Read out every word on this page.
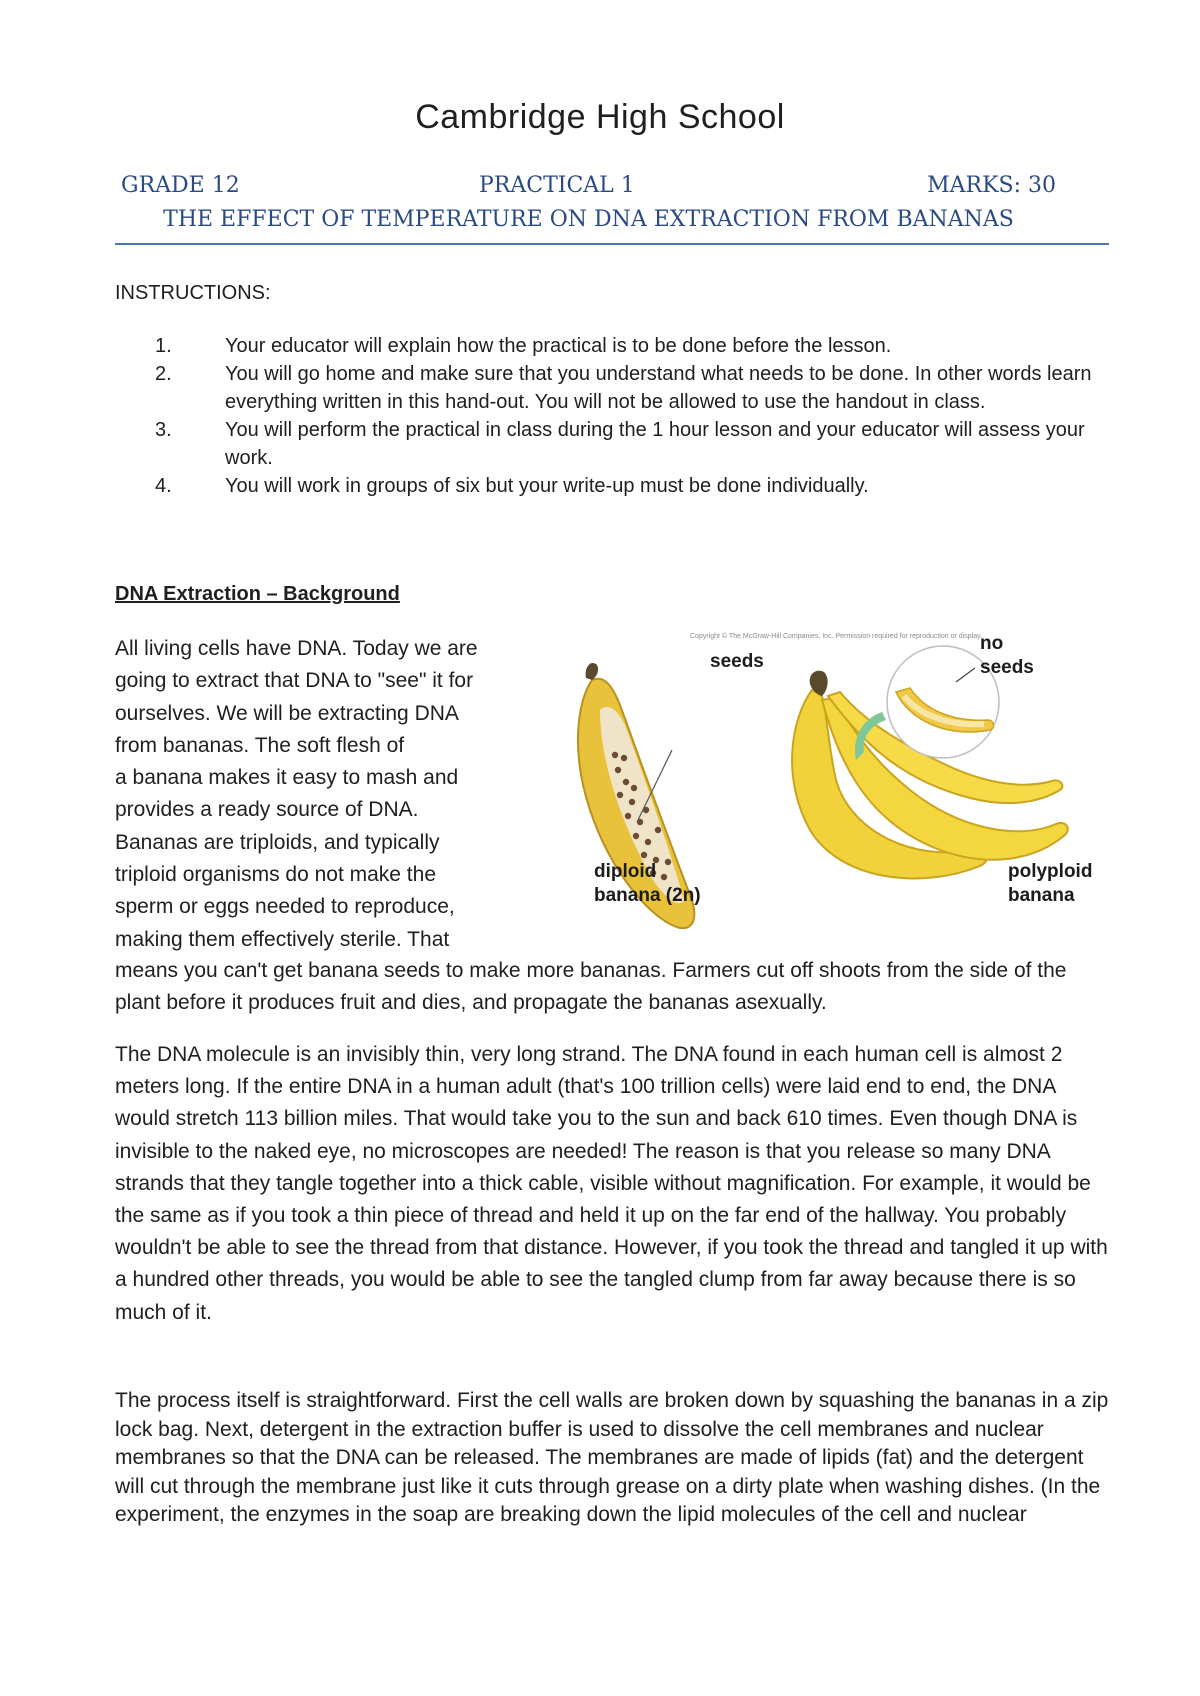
Cambridge High School
GRADE 12	PRACTICAL 1	MARKS: 30
THE EFFECT OF TEMPERATURE ON DNA EXTRACTION FROM BANANAS
INSTRUCTIONS:
1.	Your educator will explain how the practical is to be done before the lesson.
2.	You will go home and make sure that you understand what needs to be done. In other words learn everything written in this hand-out. You will not be allowed to use the handout in class.
3.	You will perform the practical in class during the 1 hour lesson and your educator will assess your work.
4.	You will work in groups of six but your write-up must be done individually.
DNA Extraction – Background
All living cells have DNA. Today we are
going to extract that DNA to "see" it for
ourselves. We will be extracting DNA
from bananas. The soft flesh of
a banana makes it easy to mash and
provides a ready source of DNA.
Bananas are triploids, and typically
triploid organisms do not make the
sperm or eggs needed to reproduce,
making them effectively sterile. That
means you can't get banana seeds to make more bananas. Farmers cut off shoots from the side of the plant before it produces fruit and dies, and propagate the bananas asexually.
Copyright © The McGraw-Hill Companies, Inc. Permission required for reproduction or display.
seeds
no
seeds
diploid
banana (2n)
polyploid
banana
The DNA molecule is an invisibly thin, very long strand. The DNA found in each human cell is almost 2 meters long. If the entire DNA in a human adult (that's 100 trillion cells) were laid end to end, the DNA would stretch 113 billion miles. That would take you to the sun and back 610 times. Even though DNA is invisible to the naked eye, no microscopes are needed! The reason is that you release so many DNA strands that they tangle together into a thick cable, visible without magnification. For example, it would be the same as if you took a thin piece of thread and held it up on the far end of the hallway. You probably wouldn't be able to see the thread from that distance. However, if you took the thread and tangled it up with a hundred other threads, you would be able to see the tangled clump from far away because there is so much of it.
The process itself is straightforward. First the cell walls are broken down by squashing the bananas in a zip lock bag. Next, detergent in the extraction buffer is used to dissolve the cell membranes and nuclear membranes so that the DNA can be released. The membranes are made of lipids (fat) and the detergent will cut through the membrane just like it cuts through grease on a dirty plate when washing dishes. (In the experiment, the enzymes in the soap are breaking down the lipid molecules of the cell and nuclear
